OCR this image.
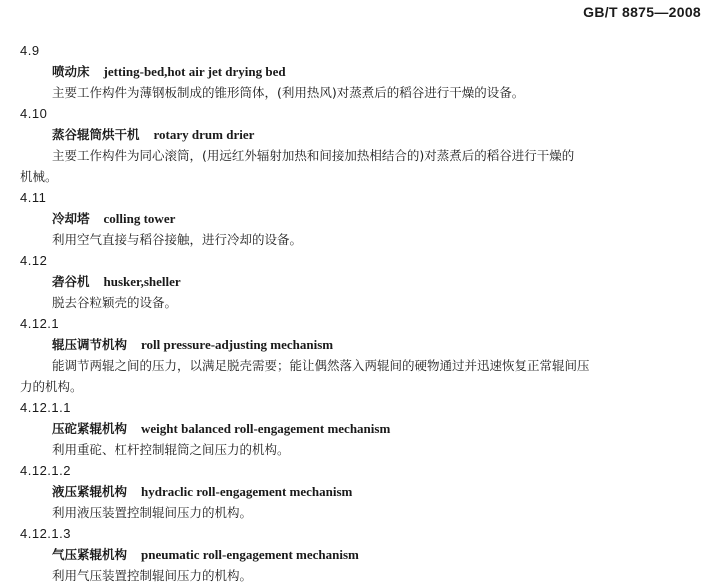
GB/T 8875—2008
4.9
喷动床 jetting-bed,hot air jet drying bed
主要工作构件为薄钢板制成的锥形筒体，(利用热风)对蒸煮后的稻谷进行干燥的设备。
4.10
蒸谷辊筒烘干机 rotary drum drier
主要工作构件为同心滚筒，(用远红外辐射加热和间接加热相结合的)对蒸煮后的稻谷进行干燥的
机械。
4.11
冷却塔 colling tower
利用空气直接与稻谷接触，进行冷却的设备。
4.12
砻谷机 husker,sheller
脱去谷粒颖壳的设备。
4.12.1
辊压调节机构 roll pressure-adjusting mechanism
能调节两辊之间的压力，以满足脱壳需要；能让偶然落入两辊间的硬物通过并迅速恢复正常辊间压
力的机构。
4.12.1.1
压砣紧辊机构 weight balanced roll-engagement mechanism
利用重砣、杠杆控制辊筒之间压力的机构。
4.12.1.2
液压紧辊机构 hydraclic roll-engagement mechanism
利用液压装置控制辊间压力的机构。
4.12.1.3
气压紧辊机构 pneumatic roll-engagement mechanism
利用气压装置控制辊间压力的机构。
